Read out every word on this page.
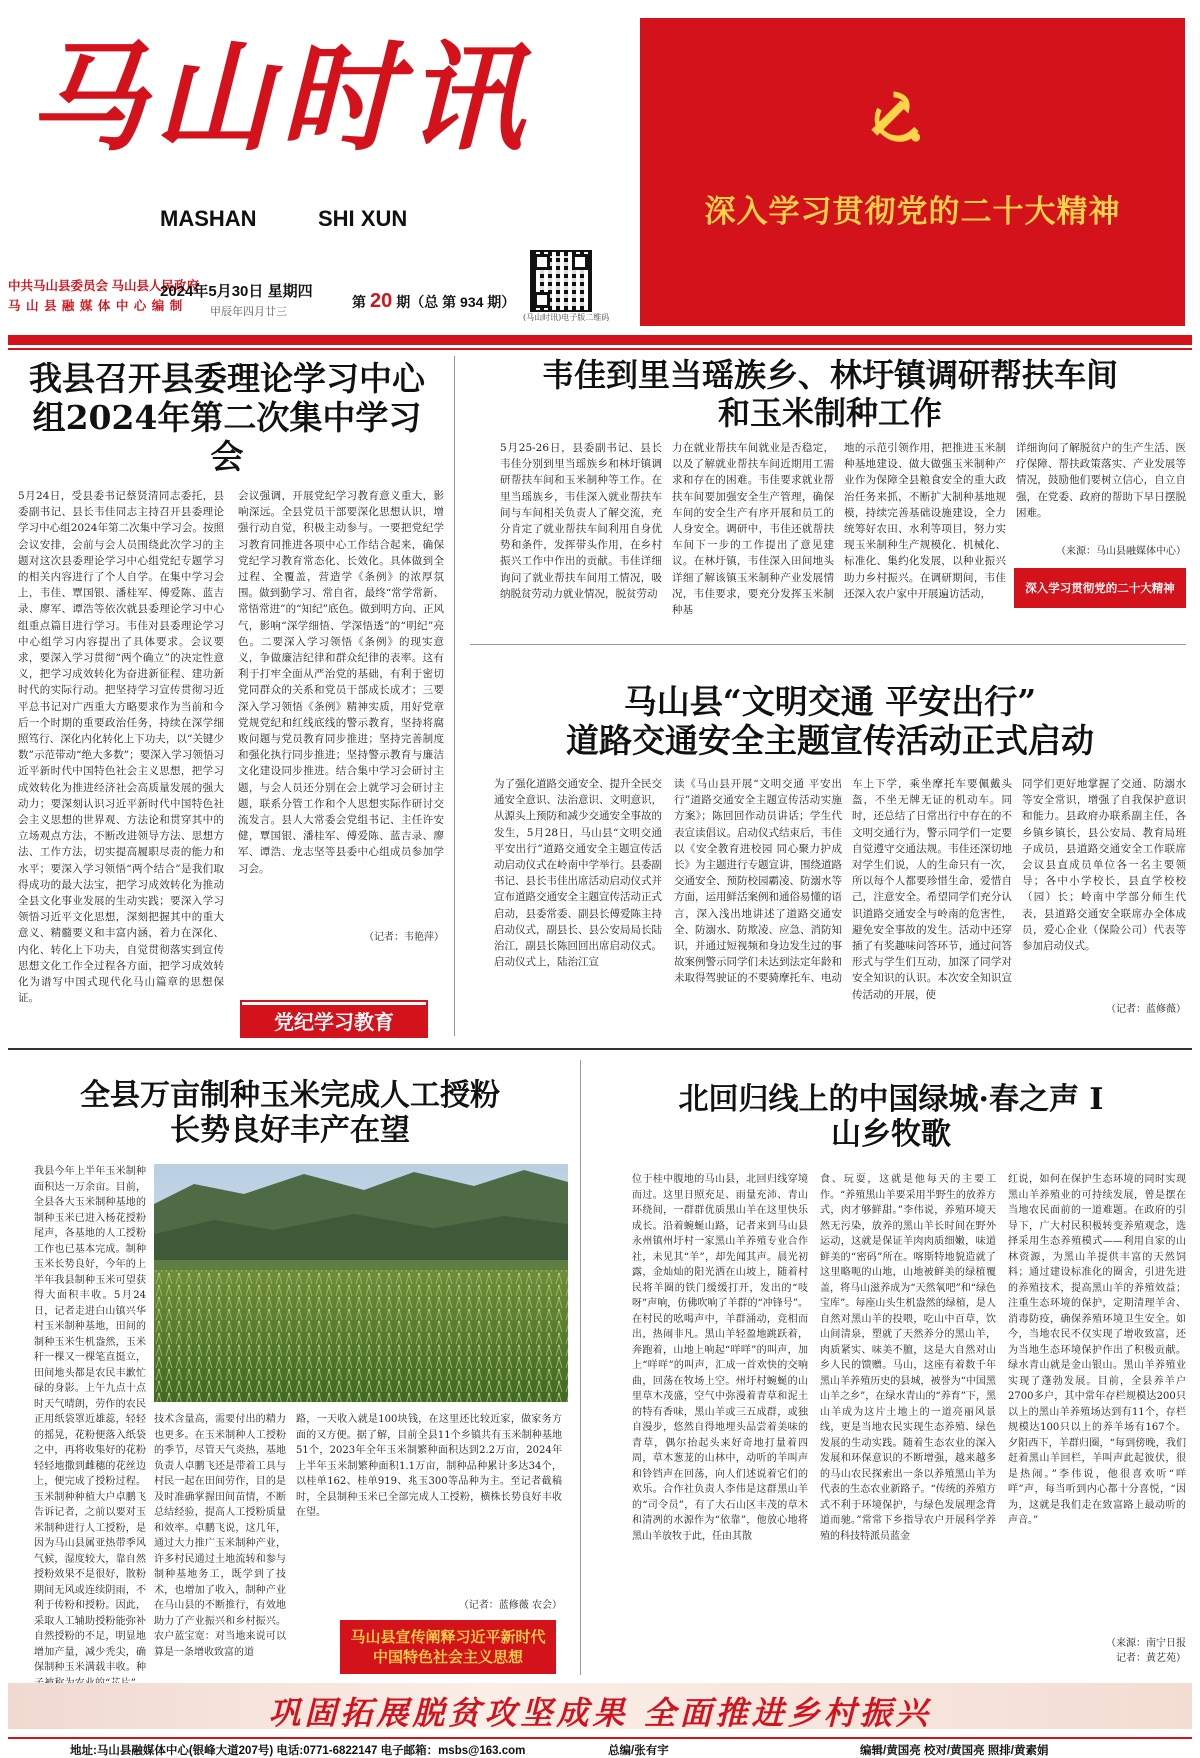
马山时讯
MASHAN	SHI XUN
中共马山县委员会 马山县人民政府
马 山 县 融 媒 体 中 心 编 制
2024年5月30日 星期四
甲辰年四月廿三
第 20 期（总 第 934 期）
(马山时讯)电子版二维码
深入学习贯彻党的二十大精神
我县召开县委理论学习中心组2024年第二次集中学习会
5月24日，受县委书记蔡贤清同志委托，县委副书记、县长韦佳同志主持召开县委理论学习中心组2024年第二次集中学习会。按照会议安排，会前与会人员围绕此次学习的主题对这次县委理论学习中心组党纪专题学习的相关内容进行了个人自学。在集中学习会上，韦佳、覃国银、潘桂军、傅爱陈、蓝吉录、廖军、谭浩等依次就县委理论学习中心组重点篇目进行学习。韦佳对县委理论学习中心组学习内容提出了具体要求。会议要求，要深入学习贯彻“两个确立”的决定性意义，把学习成效转化为奋进新征程、建功新时代的实际行动。把坚持学习宣传贯彻习近平总书记对广西重大方略要求作为当前和今后一个时期的重要政治任务，持续在深学细照笃行、深化内化转化上下功夫，以“关键少数”示范带动“绝大多数”；要深入学习领悟习近平新时代中国特色社会主义思想，把学习成效转化为推进经济社会高质量发展的强大动力；要深刻认识习近平新时代中国特色社会主义思想的世界观、方法论和贯穿其中的立场观点方法，不断改进领导方法、思想方法、工作方法，切实提高履职尽责的能力和水平；要深入学习领悟“两个结合”是我们取得成功的最大法宝，把学习成效转化为推动全县文化事业发展的生动实践；要深入学习领悟习近平文化思想，深刻把握其中的重大意义、精髓要义和丰富内涵，着力在深化、内化、转化上下功夫，自觉贯彻落实到宣传思想文化工作全过程各方面，把学习成效转化为谱写中国式现代化马山篇章的思想保证。
会议强调，开展党纪学习教育意义重大，影响深远。全县党员干部要深化思想认识，增强行动自觉，积极主动参与。一要把党纪学习教育同推进各项中心工作结合起来，确保党纪学习教育常态化、长效化。具体做到全过程、全覆盖，营造学《条例》的浓厚氛围。做到勤学习、常自省，最终“常学常新、常悟常进”的“知纪”底色。做到明方向、正风气，影响“深学细悟、学深悟透”的“明纪”亮色。二要深入学习领悟《条例》的现实意义，争做廉洁纪律和群众纪律的表率。这有利于打牢全面从严治党的基础，有利于密切党同群众的关系和党员干部成长成才；三要深入学习领悟《条例》精神实质，用好党章党规党纪和红线底线的警示教育，坚持将腐败问题与党员教育同步推进；坚持完善制度和强化执行同步推进；坚持警示教育与廉洁文化建设同步推进。结合集中学习会研讨主题，与会人员还分别在会上就学习会研讨主题，联系分管工作和个人思想实际作研讨交流发言。县人大常委会党组书记、主任许安健，覃国银、潘桂军、傅爱陈、蓝吉录、廖军、谭浩、龙志坚等县委中心组成员参加学习会。
（记者：韦艳萍）
党纪学习教育
韦佳到里当瑶族乡、林圩镇调研帮扶车间
和玉米制种工作
5月25-26日，县委副书记、县长韦佳分别到里当瑶族乡和林圩镇调研帮扶车间和玉米制种等工作。在里当瑶族乡，韦佳深入就业帮扶车间与车间相关负责人了解交流，充分肯定了就业帮扶车间利用自身优势和条件，发挥带头作用，在乡村振兴工作中作出的贡献。韦佳详细询问了就业帮扶车间用工情况，吸纳脱贫劳动力就业情况，脱贫劳动
力在就业帮扶车间就业是否稳定，以及了解就业帮扶车间近期用工需求和存在的困难。韦佳要求就业帮扶车间要加强安全生产管理，确保车间的安全生产有序开展和员工的人身安全。调研中，韦佳还就帮扶车间下一步的工作提出了意见建议。在林圩镇，韦佳深入田间地头详细了解该镇玉米制种产业发展情况，韦佳要求，要充分发挥玉米制种基
地的示范引领作用，把推进玉米制种基地建设、做大做强玉米制种产业作为保障全县粮食安全的重大政治任务来抓，不断扩大制种基地规模，持续完善基础设施建设，全力统筹好农田、水利等项目，努力实现玉米制种生产规模化、机械化、标准化、集约化发展，以种业振兴助力乡村振兴。在调研期间，韦佳还深入农户家中开展遍访活动，
详细询问了解脱贫户的生产生活、医疗保障、帮扶政策落实、产业发展等情况，鼓励他们要树立信心，自立自强，在党委、政府的帮助下早日摆脱困难。
（来源：马山县融媒体中心）
深入学习贯彻党的二十大精神
马山县“文明交通 平安出行”
道路交通安全主题宣传活动正式启动
为了强化道路交通安全、提升全民交通安全意识、法治意识、文明意识，从源头上预防和减少交通安全事故的发生，5月28日，马山县“文明交通 平安出行”道路交通安全主题宣传活动启动仪式在岭南中学举行。县委副书记、县长韦佳出席活动启动仪式并宣布道路交通安全主题宣传活动正式启动，县委常委、副县长傅爱陈主持启动仪式，副县长、县公安局局长陆治江，副县长陈回回出席启动仪式。启动仪式上，陆治江宣
读《马山县开展“文明交通 平安出行”道路交通安全主题宣传活动实施方案》；陈回回作动员讲话；学生代表宣读倡议。启动仪式结束后，韦佳以《安全教育进校园 同心聚力护成长》为主题进行专题宣讲，围绕道路交通安全、预防校园霸凌、防溺水等方面，运用鲜活案例和通俗易懂的语言，深入浅出地讲述了道路交通安全、防溺水、防欺凌、应急、消防知识，并通过短视频和身边发生过的事故案例警示同学们未达到法定年龄和未取得驾驶证的不要骑摩托车、电动
车上下学，乘坐摩托车要佩戴头盔，不坐无牌无证的机动车。同时，还总结了日常出行中存在的不文明交通行为，警示同学们一定要自觉遵守交通法规。韦佳还深切地对学生们说，人的生命只有一次，所以每个人都要珍惜生命，爱惜自己，注意安全。希望同学们充分认识道路交通安全与岭南的危害性，避免安全事故的发生。活动中还穿插了有奖趣味问答环节，通过问答形式与学生们互动，加深了同学对安全知识的认识。本次安全知识宣传活动的开展，使
同学们更好地掌握了交通、防溺水等安全常识，增强了自我保护意识和能力。县政府办联系副主任，各乡镇乡镇长，县公安局、教育局班子成员，县道路交通安全工作联席会议县直成员单位各一名主要领导；各中小学校长，县直学校校（园）长；岭南中学部分师生代表，县道路交通安全联席办全体成员，爱心企业（保险公司）代表等参加启动仪式。
（记者：蓝修薇）
全县万亩制种玉米完成人工授粉
长势良好丰产在望
我县今年上半年玉米制种面积达一万余亩。目前，全县各大玉米制种基地的制种玉米已进入杨花授粉尾声，各基地的人工授粉工作也已基本完成。制种玉米长势良好，今年的上半年我县制种玉米可望获得大面积丰收。5月24日，记者走进白山镇兴华村玉米制种基地，田间的制种玉米生机盎然，玉米秆一棵又一棵笔直挺立，田间地头都是农民丰歉忙碌的身影。上午九点十点时天气晴朗，劳作的农民正用纸袋罩近雄蕊，轻轻的摇晃，花粉便落入纸袋之中，再将收集好的花粉轻轻地撒到雌穗的花丝边上，便完成了授粉过程。玉米制种种植大户卓鹏飞告诉记者，之前以要对玉米制种进行人工授粉，是因为马山县属亚热带季风气候，湿度较大，靠自然授粉效果不是很好，散粉期间无风或连续阴雨，不利于传粉和授粉。因此，采取人工辅助授粉能弥补自然授粉的不足，明显地增加产量，减少秃尖，确保制种玉米满载丰收。种
技术含量高，需要付出的精力也更多。在玉米制种人工授粉的季节，尽管天气炎热，基地负责人卓鹏飞还是带着工具与村民一起在田间劳作，目的是及时准确掌握田间苗情，不断总结经验，提高人工授粉质量和效率。卓鹏飞说，这几年，通过大力推广玉米制种产业，许多村民通过土地流转和参与制种基地务工，既学到了技术，也增加了收入，制种产业在马山县的不断推行，有效地助力了产业振兴和乡村振兴。农户蓝宝宽：对当地来说可以算是一条增收致富的道
路，一天收入就是100块钱，在这里还比较近家，做家务方面的又方便。据了解，目前全县11个乡镇共有玉米制种基地51个，2023年全年玉米制繁种面积达到2.2万亩，2024年上半年玉米制繁种面积1.1万亩，制种品种累计多达34个，以桂单162、桂单919、兆玉300等品种为主。至记者截稿时，全县制种玉米已全部完成人工授粉，横株长势良好丰收在望。
（记者：蓝修薇 农会）
马山县宣传阐释习近平新时代
中国特色社会主义思想
北回归线上的中国绿城·春之声 I
山乡牧歌
位于桂中腹地的马山县，北回归线穿境而过。这里日照充足、雨量充沛、青山环绕间，一群群优质黑山羊在这里快乐成长。沿着蜿蜒山路，记者来到马山县永州镇州圩村一家黑山羊养殖专业合作社，未见其“羊”，却先闻其声。晨光初露，金灿灿的阳光洒在山坡上，随着村民将羊圈的铁门缓缓打开，发出的“吱呀”声响，仿佛吹响了羊群的“冲锋号”。在村民的吆喝声中，羊群涌动，竞相而出，热闹非凡。黑山羊轻盈地跳跃着，奔跑着，山地上响起“咩咩”的叫声，加上“咩咩”的叫声，汇成一首欢快的交响曲，回荡在牧场上空。州圩村蜿蜒的山里草木茂盛，空气中弥漫着青草和泥土的特有香味，黑山羊或三五成群，或独自漫步，悠然自得地埋头品尝着美味的青草，偶尔抬起头来好奇地打量着四周，草木葱茏的山林中，动听的羊叫声和铃铛声在回荡，向人们述说着它们的欢乐。合作社负责人李伟是这群黑山羊的“司令员”，有了大石山区丰茂的草木和清冽的水源作为“依靠”，他放心地将黑山羊放牧于此，任由其散
食、玩耍，这就是他每天的主要工作。“养殖黑山羊要采用半野生的放养方式，肉才够鲜甜。”李伟说，养殖环境天然无污染，放养的黑山羊长时间在野外运动，这就是保证羊肉肉质细嫩，味道鲜美的“密码”所在。喀斯特地貌造就了这里略呃的山地，山地被鲜美的绿植覆盖，将马山滋养成为“天然氧吧”和“绿色宝库”。每座山头生机盎然的绿植，是人自然对黑山羊的投喂，吃山中百草，饮山间清泉，塑就了天然养分的黑山羊，肉质紧实、味美不膻，这是大自然对山乡人民的馈赠。马山，这座有着数千年黑山羊养殖历史的县城，被誉为“中国黑山羊之乡”，在绿水青山的“养育”下，黑山羊成为这片土地上的一道亮丽风景线，更是当地农民实现生态养殖、绿色发展的生动实践。随着生态农业的深入发展和环保意识的不断增强，越来越多的马山农民探索出一条以养殖黑山羊为代表的生态农业新路子。“传统的养殖方式不利于环境保护，与绿色发展理念背道而驰。”常常下乡指导农户开展科学养殖的科技特派员蓝金
红说，如何在保护生态环境的同时实现黑山羊养殖业的可持续发展，曾是摆在当地农民面前的一道难题。在政府的引导下，广大村民积极转变养殖观念，选择采用生态养殖模式——利用自家的山林资源，为黑山羊提供丰富的天然饲料；通过建设标准化的圈舍，引进先进的养殖技术，提高黑山羊的养殖效益；注重生态环境的保护，定期清理羊舍、消毒防疫，确保养殖环境卫生安全。如今，当地农民不仅实现了增收致富，还为当地生态环境保护作出了积极贡献。绿水青山就是金山银山。黑山羊养殖业实现了蓬勃发展。目前，全县养羊户2700多户，其中常年存栏规模达200只以上的黑山羊养殖场达到有11个，存栏规模达100只以上的养羊场有167个。夕阳西下，羊群归圈，“每到傍晚，我们赶着黑山羊回栏，羊叫声此起彼伏，很是热闹。”李伟说，他很喜欢听“咩咩”声，每当听到内心都十分喜悦，“因为，这就是我们走在致富路上最动听的声音。”
（来源：南宁日报
记者：黄艺苑）
巩固拓展脱贫攻坚成果 全面推进乡村振兴
地址:马山县融媒体中心(银峰大道207号) 电话:0771-6822147 电子邮箱：msbs@163.com	总编/张有宇	编辑/黄国亮 校对/黄国亮 照排/黄素娟
